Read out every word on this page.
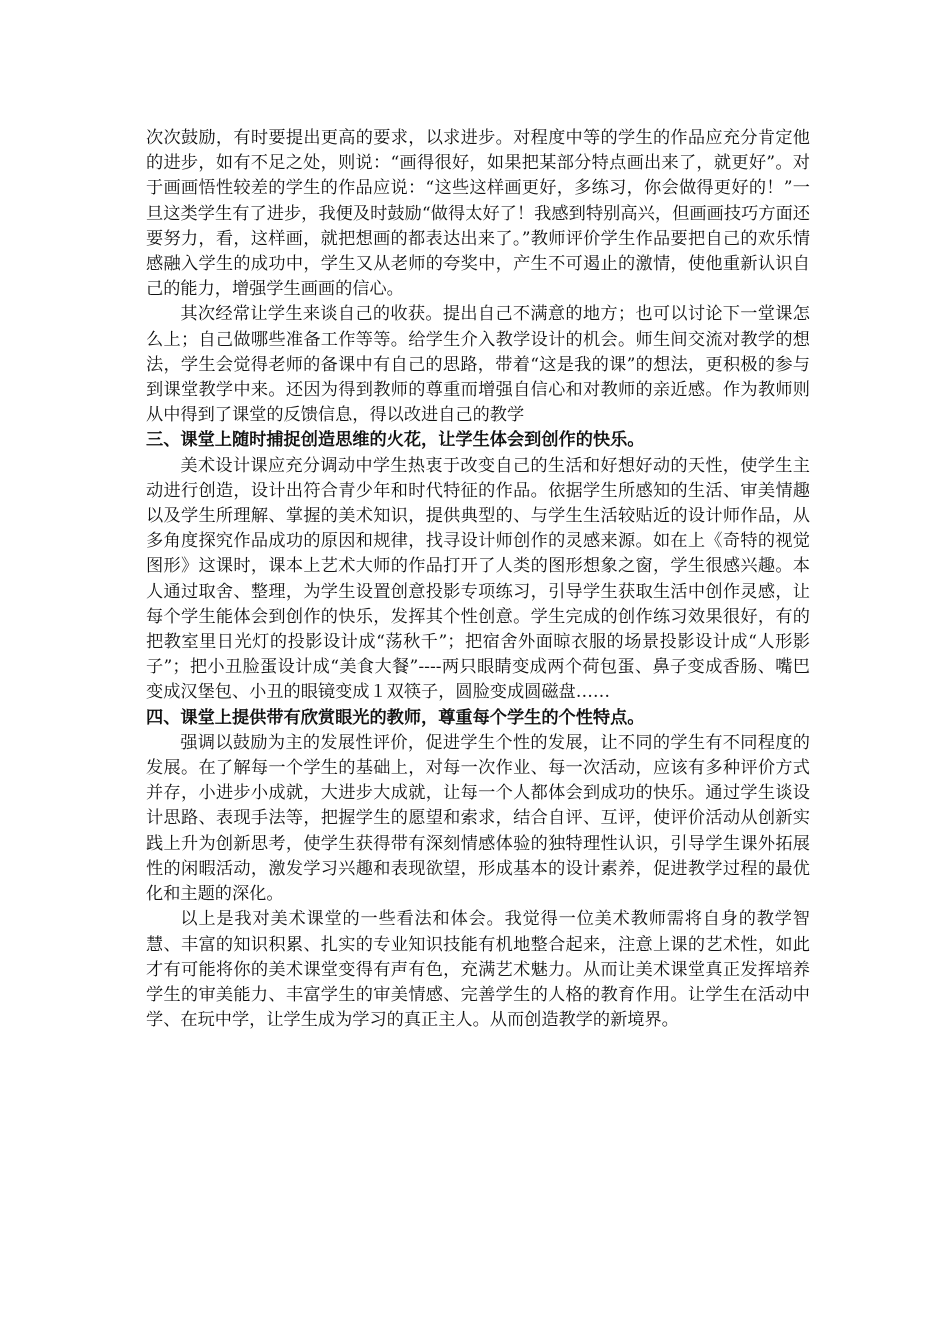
次次鼓励，有时要提出更高的要求，以求进步。对程度中等的学生的作品应充分肯定他的进步，如有不足之处，则说：“画得很好，如果把某部分特点画出来了，就更好”。对于画画悟性较差的学生的作品应说：“这些这样画更好，多练习，你会做得更好的！”一旦这类学生有了进步，我便及时鼓励“做得太好了！我感到特别高兴，但画画技巧方面还要努力，看，这样画，就把想画的都表达出来了。”教师评价学生作品要把自己的欢乐情感融入学生的成功中，学生又从老师的夸奖中，产生不可遏止的激情，使他重新认识自己的能力，增强学生画画的信心。

其次经常让学生来谈自己的收获。提出自己不满意的地方；也可以讨论下一堂课怎么上；自己做哪些准备工作等等。给学生介入教学设计的机会。师生间交流对教学的想法，学生会觉得老师的备课中有自己的思路，带着“这是我的课”的想法，更积极的参与到课堂教学中来。还因为得到教师的尊重而增强自信心和对教师的亲近感。作为教师则从中得到了课堂的反馈信息，得以改进自己的教学

三、课堂上随时捕捉创造思维的火花，让学生体会到创作的快乐。

美术设计课应充分调动中学生热衷于改变自己的生活和好想好动的天性，使学生主动进行创造，设计出符合青少年和时代特征的作品。依据学生所感知的生活、审美情趣以及学生所理解、掌握的美术知识，提供典型的、与学生生活较贴近的设计师作品，从多角度探究作品成功的原因和规律，找寻设计师创作的灵感来源。如在上《奇特的视觉图形》这课时，课本上艺术大师的作品打开了人类的图形想象之窗，学生很感兴趣。本人通过取舍、整理，为学生设置创意投影专项练习，引导学生获取生活中创作灵感，让每个学生能体会到创作的快乐，发挥其个性创意。学生完成的创作练习效果很好，有的把教室里日光灯的投影设计成“荡秋千”；把宿舍外面晾衣服的场景投影设计成“人形影子”；把小丑脸蛋设计成“美食大餐”----两只眼睛变成两个荷包蛋、鼻子变成香肠、嘴巴变成汉堡包、小丑的眼镜变成１双筷子，圆脸变成圆磁盘……

四、课堂上提供带有欣赏眼光的教师，尊重每个学生的个性特点。

强调以鼓励为主的发展性评价，促进学生个性的发展，让不同的学生有不同程度的发展。在了解每一个学生的基础上，对每一次作业、每一次活动，应该有多种评价方式并存，小进步小成就，大进步大成就，让每一个人都体会到成功的快乐。通过学生谈设计思路、表现手法等，把握学生的愿望和索求，结合自评、互评，使评价活动从创新实践上升为创新思考，使学生获得带有深刻情感体验的独特理性认识，引导学生课外拓展性的闲暇活动，激发学习兴趣和表现欲望，形成基本的设计素养，促进教学过程的最优化和主题的深化。

以上是我对美术课堂的一些看法和体会。我觉得一位美术教师需将自身的教学智慧、丰富的知识积累、扎实的专业知识技能有机地整合起来，注意上课的艺术性，如此才有可能将你的美术课堂变得有声有色，充满艺术魅力。从而让美术课堂真正发挥培养学生的审美能力、丰富学生的审美情感、完善学生的人格的教育作用。让学生在活动中学、在玩中学，让学生成为学习的真正主人。从而创造教学的新境界。
